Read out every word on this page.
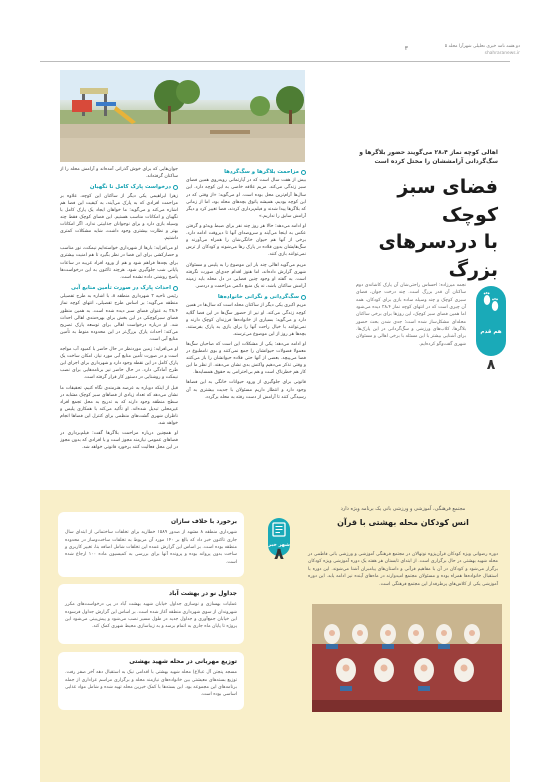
دو هفته نامه خبری تحلیلی شهرآرا محله ۵
shahraranews.ir
۳
جوان‌هایی که برای خوش گذرانی آمده‌اند و آرامش محله را از ساکنان گرفته‌اند.
درخواست پارک کامل نا نگهبان
زهرا ابراهیمی یکی دیگر از ساکنان این کوچه، علاوه بر مزاحمت افرادی که به پارک می‌آیند، به کیفیت این فضا هم اشاره می‌کند و می‌گوید: ما خواهان ایجاد یک پارک کامل با نگهبان و امکانات مناسب هستیم. این فضای کوچک فقط چند وسیله بازی دارد و برای نوجوانان جذابیتی ندارد. اگر امکانات بهتر و نظارت بیشتری وجود داشت، شاید مشکلات کمتری داشتیم.
او می‌افزاید: بارها از شهرداری خواسته‌ایم نیمکت، نور مناسب و حصارکشی برای این فضا در نظر بگیرد تا هم امنیت بیشتری برای بچه‌ها فراهم شود و هم از ورود افراد غریبه در ساعات پایانی شب جلوگیری شود. هرچند تاکنون به این درخواست‌ها پاسخ روشنی داده نشده است.
احداث پارک در صورت تأمین منابع آبی
رئیس ناحیه ۲ شهرداری منطقه ۸، با اشاره به طرح تفصیلی منطقه می‌گوید: بر اساس طرح تفصیلی، انتهای کوچه نماز ۲۸،۴ به عنوان فضای سبز دیده شده است. به همین منظور فضای سبزکوچکی در این بخش برای بهره‌مندی اهالی احداث شد. او درباره درخواست اهالی برای توسعه پارک تصریح می‌کند: احداث پارک بزرگ‌تر در این محدوده منوط به تأمین منابع آبی است.
او می‌افزاید: زمین موردنظر در حال حاضر با کمبود آب مواجه است و در صورت تأمین منابع آبی مورد نیاز، امکان ساخت یک پارک کامل در این نقطه وجود دارد و شهرداری برای اجرای این طرح آمادگی دارد. در حال حاضر نیز برنامه‌هایی برای نصب نیمکت و روشنایی در دستور کار قرار گرفته است.
قبل از اینکه دوباره به عرصه هنرمندی نگاه کنیم، تحقیقات ما نشان می‌دهد که تعداد زیادی از فضاهای سبز کوچک مشابه در سطح منطقه وجود دارند که به تدریج به محل تجمع افراد غیرمحلی تبدیل شده‌اند. او تأکید می‌کند با همکاری پلیس و ناظران شهری گشت‌های منظمی برای کنترل این فضاها انجام خواهد شد.
او همچنین درباره مزاحمت بلاگرها گفت: فیلم‌برداری در فضاهای عمومی نیازمند مجوز است و با افرادی که بدون مجوز در این محل فعالیت کنند برخورد قانونی خواهد شد.
مزاحمت بلاگرها و سگ‌گردها
بیش از هفت سال است که در آپارتمانی روبه‌روی همین فضای سبز زندگی می‌کند. مریم علاقه خاصی به این کوچه دارد. این سال‌ها آرام‌ترین محل بوده است. او می‌گوید: «از وقتی که در این کوچه بودیم، همیشه پاتوق بچه‌های محله بود، اما از زمانی که بلاگرها پیدا شدند و فیلم‌برداری کردند، فضا تغییر کرد و دیگر آرامش سابق را نداریم.»
او ادامه می‌دهد: حالا هر روز چند نفر برای ضبط ویدئو و گرفتن عکس به اینجا می‌آیند و سروصدای آنها تا دیروقت ادامه دارد. برخی از آنها هم حیوان خانگی‌شان را همراه می‌آورند و سگ‌هایشان بدون قلاده در پارک رها می‌شوند و کودکان از ترس نمی‌توانند بازی کنند.
مریم می‌گوید اهالی چند بار این موضوع را به پلیس و مسئولان شهری گزارش داده‌اند، اما هنوز اقدام جدی‌ای صورت نگرفته است. به گفته او وجود چنین فضایی در دل محله باید زمینه آرامش ساکنان باشد، نه یک منبع دائمی مزاحمت و دردسر.
سگ‌گردانی و نگرانی خانواده‌ها
مریم اکبری یکی دیگر از ساکنان محله است که سال‌ها در همین کوچه زندگی می‌کند. او نیز از حضور سگ‌ها در این فضا گلایه دارد و می‌گوید: بسیاری از خانواده‌ها فرزندان کوچک دارند و نمی‌توانند با خیال راحت آنها را برای بازی به پارک بفرستند. بچه‌ها هر روز از این موضوع می‌ترسند.
او ادامه می‌دهد: یکی از مشکلات این است که صاحبان سگ‌ها معمولا فضولات حیوانشان را جمع نمی‌کنند و بوی نامطبوع در فضا می‌پیچد. بعضی از آنها حتی قلاده حیوانشان را باز می‌کنند و وقتی تذکر می‌دهیم واکنش بدی نشان می‌دهند. از نظر ما این کار هم خطرناک است و هم بی‌احترامی به حقوق همسایه‌ها.
قانونی برای جلوگیری از ورود حیوانات خانگی به این فضاها وجود دارد و انتظار داریم مسئولان با جدیت بیشتری به آن رسیدگی کنند تا آرامش از دست رفته به محله برگردد.
اهالی کوچه نماز ۲۸،۴ می‌گویند حضور بلاگرها و سگ‌گردانی آرامششان را مختل کرده است
فضای سبز کوچک
با دردسرهای
بزرگ
نجمه میرزاده: احساس راحتی‌شان آن پارک کاشانه‌ی دوم ساکنان آن قدر بزرگ است. چند درخت جوان، فضای سبزی کوچک و چند وسیله ساده بازی برای کودکان، همه آن چیزی است که در انتهای کوچه نماز ۲۸،۴ دیده می‌شود اما همین فضای سبز کوچک، این روزها برای برخی ساکنان محله‌ای مشکل‌ساز شده است؛ جدی شدن بحث حضور بلاگرها، کلاب‌های ورزشی و سگ‌گردانی در این پارک‌ها. برای آشنایی بیشتر با این مسئله با برخی اهالی و مسئولان شهری گفت‌وگو کرده‌ایم.
هم قدم
۸
شهر خبر
۸
برخورد با خلاف سازان
شهرداری منطقه ۸ مشهد از صدور ۱۵۸۹ خطاریه برای تخلفات ساختمانی از ابتدای سال جاری تاکنون خبر داد که بالغ بر ۱۴۰ مورد آن مربوط به تخلفات ساخت‌وساز در محدوده منطقه بوده است. بر اساس این گزارش عمده این تخلفات شامل اضافه بنا، تغییر کاربری و ساخت بدون پروانه بوده و پرونده آنها برای بررسی به کمیسیون ماده ۱۰۰ ارجاع شده است.
جداول نو در بهشت آباد
عملیات بهسازی و نوسازی جداول خیابان شهید بهشت آباد در پی درخواست‌های مکرر شهروندان از سوی شهرداری منطقه آغاز شده است. بر اساس این گزارش جداول فرسوده این خیابان جمع‌آوری و جداول جدید در طول مسیر نصب می‌شود و پیش‌بینی می‌شود این پروژه تا پایان ماه جاری به اتمام برسد و به زیباسازی محیط شهری کمک کند.
توزیع مهربانی در محله شهید بهشتی
مسجد پنجتن آل عبا(ع) محله شهید بهشتی با اقدامی نیک به استقبال دهه آخر صفر رفت. توزیع بسته‌های معیشتی بین خانواده‌های نیازمند محله و برگزاری مراسم عزاداری از جمله برنامه‌های این مجموعه بود. این بسته‌ها با کمک خیرین محله تهیه شده و شامل مواد غذایی اساسی بوده است.
مجتمع فرهنگی، آموزشی و ورزشی بانی یک برنامه ویژه دارد
انس کودکان محله بهشتی با قرآن
دوره رضوانی ویژه کودکان قرآن‌پژوه نونهالان در مجتمع فرهنگی آموزشی و ورزشی بانی فاطمی در محله شهید بهشتی در حال برگزاری است. از ابتدای تابستان هر هفته یک دوره آموزشی ویژه کودکان برگزار می‌شود و کودکان در آن با مفاهیم قرآنی و داستان‌های پیامبران آشنا می‌شوند. این دوره با استقبال خانواده‌ها همراه بوده و مسئولان مجتمع امیدوارند در ماه‌های آینده نیز ادامه یابد. این دوره آموزشی یکی از کلاس‌های پرطرفدار این مجتمع فرهنگی است.
